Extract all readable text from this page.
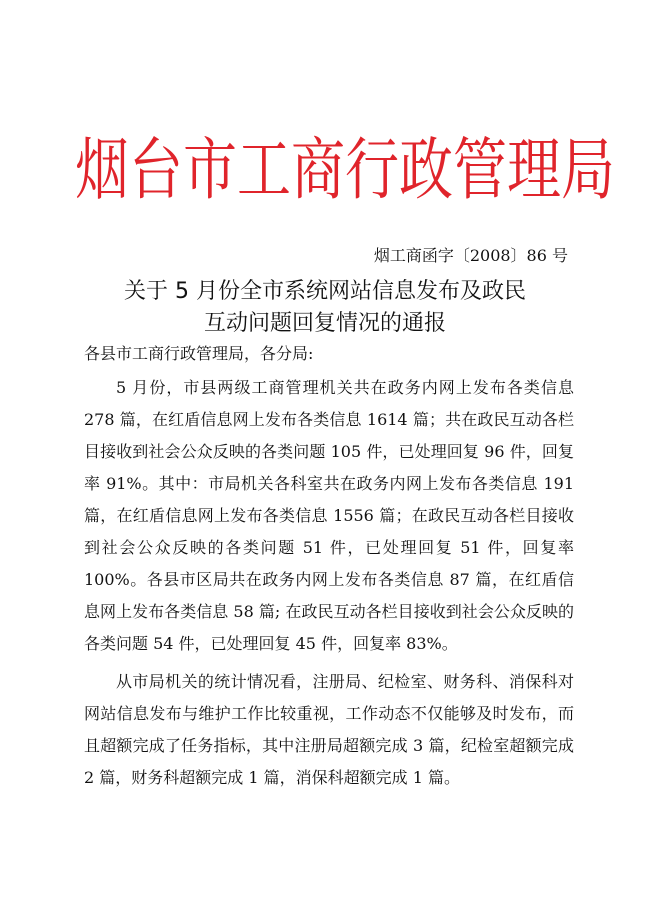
烟台市工商行政管理局
烟工商函字〔2008〕86 号
关于 5 月份全市系统网站信息发布及政民
互动问题回复情况的通报
各县市工商行政管理局，各分局:

5 月份，市县两级工商管理机关共在政务内网上发布各类信息 278 篇，在红盾信息网上发布各类信息 1614 篇；共在政民互动各栏目接收到社会公众反映的各类问题 105 件，已处理回复 96 件，回复率 91%。其中：市局机关各科室共在政务内网上发布各类信息 191 篇，在红盾信息网上发布各类信息 1556 篇；在政民互动各栏目接收到社会公众反映的各类问题 51 件，已处理回复 51 件，回复率 100%。各县市区局共在政务内网上发布各类信息 87 篇，在红盾信息网上发布各类信息 58 篇; 在政民互动各栏目接收到社会公众反映的各类问题 54 件，已处理回复 45 件，回复率 83%。

从市局机关的统计情况看，注册局、纪检室、财务科、消保科对网站信息发布与维护工作比较重视，工作动态不仅能够及时发布，而且超额完成了任务指标，其中注册局超额完成 3 篇，纪检室超额完成 2 篇，财务科超额完成 1 篇，消保科超额完成 1 篇。
